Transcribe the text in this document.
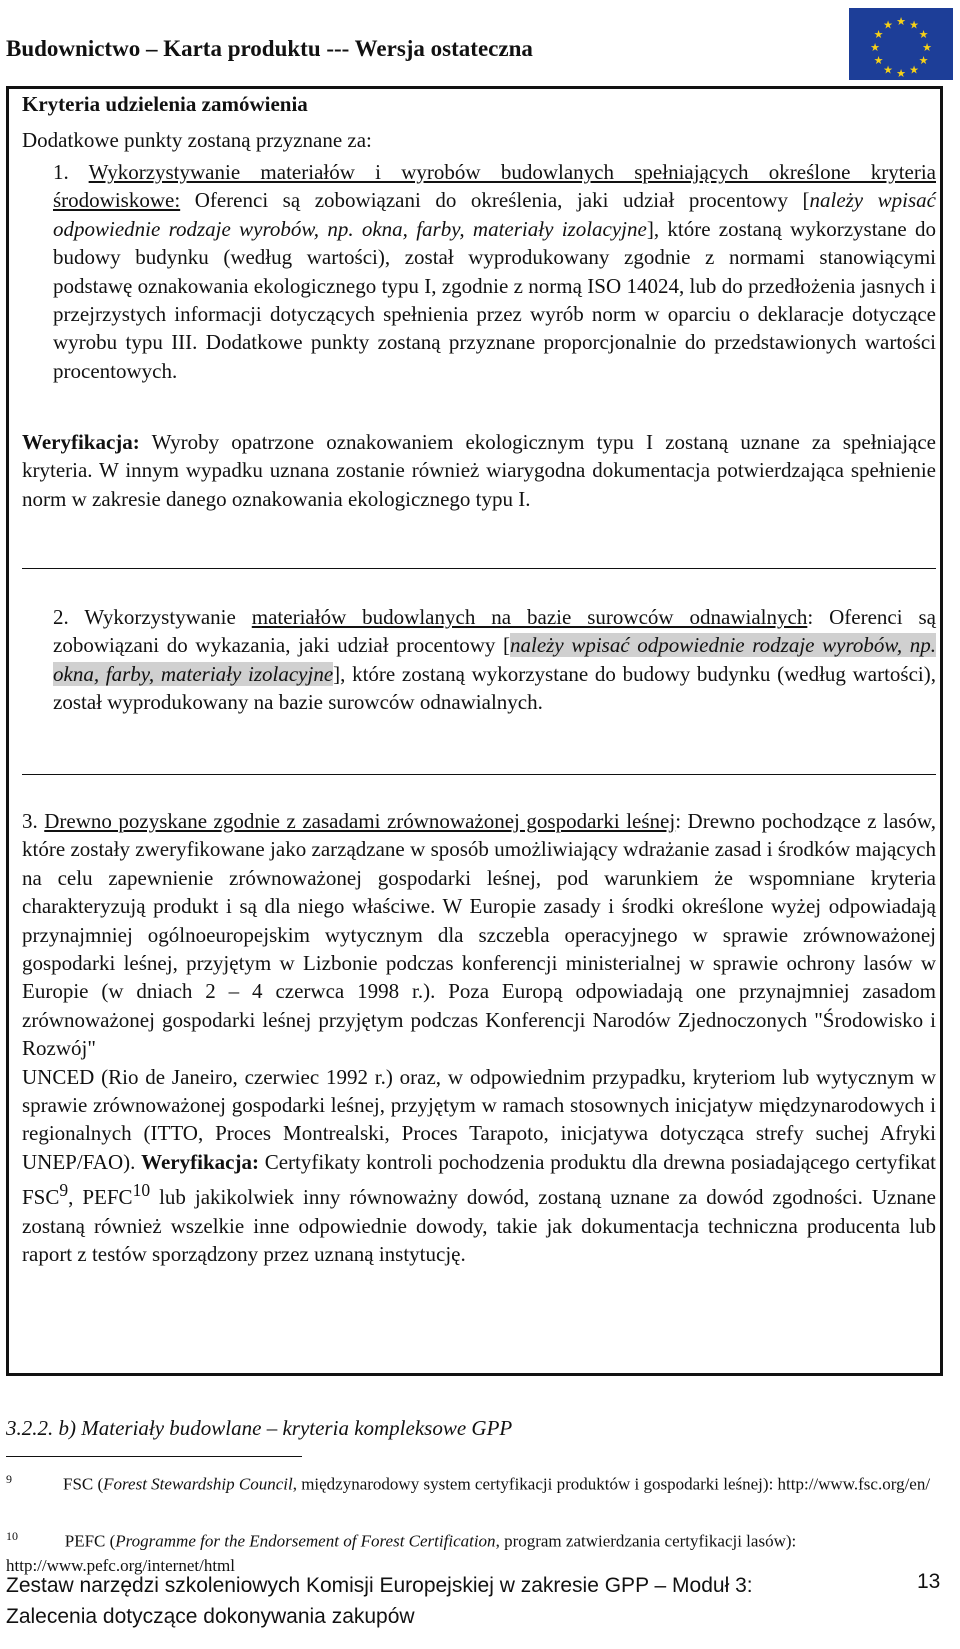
Budownictwo – Karta produktu --- Wersja ostateczna
★ ★
★
★
★
★
★
★
★
★
★
★
Kryteria udzielenia zamówienia
Dodatkowe punkty zostaną przyznane za:
1. Wykorzystywanie materiałów i wyrobów budowlanych spełniających określone kryteria środowiskowe: Oferenci są zobowiązani do określenia, jaki udział procentowy [należy wpisać odpowiednie rodzaje wyrobów, np. okna, farby, materiały izolacyjne], które zostaną wykorzystane do budowy budynku (według wartości), został wyprodukowany zgodnie z normami stanowiącymi podstawę oznakowania ekologicznego typu I, zgodnie z normą ISO 14024, lub do przedłożenia jasnych i przejrzystych informacji dotyczących spełnienia przez wyrób norm w oparciu o deklaracje dotyczące wyrobu typu III. Dodatkowe punkty zostaną przyznane proporcjonalnie do przedstawionych wartości procentowych.
Weryfikacja: Wyroby opatrzone oznakowaniem ekologicznym typu I zostaną uznane za spełniające kryteria. W innym wypadku uznana zostanie również wiarygodna dokumentacja potwierdzająca spełnienie norm w zakresie danego oznakowania ekologicznego typu I.
2. Wykorzystywanie materiałów budowlanych na bazie surowców odnawialnych: Oferenci są zobowiązani do wykazania, jaki udział procentowy [należy wpisać odpowiednie rodzaje wyrobów, np. okna, farby, materiały izolacyjne], które zostaną wykorzystane do budowy budynku (według wartości), został wyprodukowany na bazie surowców odnawialnych.
3. Drewno pozyskane zgodnie z zasadami zrównoważonej gospodarki leśnej: Drewno pochodzące z lasów, które zostały zweryfikowane jako zarządzane w sposób umożliwiający wdrażanie zasad i środków mających na celu zapewnienie zrównoważonej gospodarki leśnej, pod warunkiem że wspomniane kryteria charakteryzują produkt i są dla niego właściwe. W Europie zasady i środki określone wyżej odpowiadają przynajmniej ogólnoeuropejskim wytycznym dla szczebla operacyjnego w sprawie zrównoważonej gospodarki leśnej, przyjętym w Lizbonie podczas konferencji ministerialnej w sprawie ochrony lasów w Europie (w dniach 2 – 4 czerwca 1998 r.). Poza Europą odpowiadają one przynajmniej zasadom zrównoważonej gospodarki leśnej przyjętym podczas Konferencji Narodów Zjednoczonych "Środowisko i Rozwój"
UNCED (Rio de Janeiro, czerwiec 1992 r.) oraz, w odpowiednim przypadku, kryteriom lub wytycznym w sprawie zrównoważonej gospodarki leśnej, przyjętym w ramach stosownych inicjatyw międzynarodowych i regionalnych (ITTO, Proces Montrealski, Proces Tarapoto, inicjatywa dotycząca strefy suchej Afryki UNEP/FAO). Weryfikacja: Certyfikaty kontroli pochodzenia produktu dla drewna posiadającego certyfikat FSC$^9$, PEFC$^{10}$ lub jakikolwiek inny równoważny dowód, zostaną uznane za dowód zgodności. Uznane zostaną również wszelkie inne odpowiednie dowody, takie jak dokumentacja techniczna producenta lub raport z testów sporządzony przez uznaną instytucję.
3.2.2. b) Materiały budowlane – kryteria kompleksowe GPP
$^9$	FSC (Forest Stewardship Council, międzynarodowy system certyfikacji produktów i gospodarki leśnej): http://www.fsc.org/en/
$^{10}$	PEFC (Programme for the Endorsement of Forest Certification, program zatwierdzania certyfikacji lasów): http://www.pefc.org/internet/html
Zestaw narzędzi szkoleniowych Komisji Europejskiej w zakresie GPP – Moduł 3:
Zalecenia dotyczące dokonywania zakupów
13
